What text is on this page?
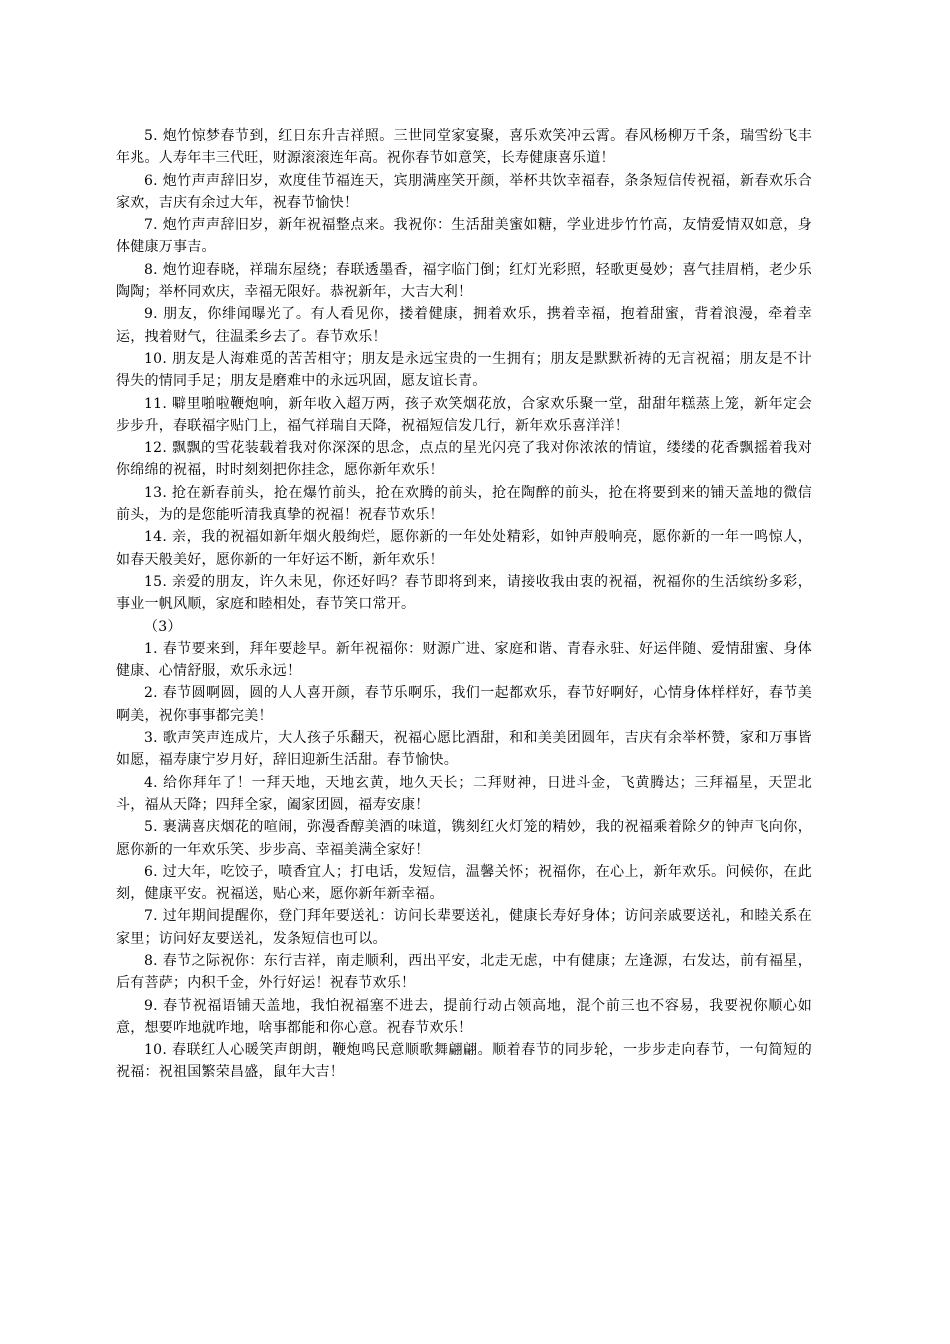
5. 炮竹惊梦春节到，红日东升吉祥照。三世同堂家宴聚，喜乐欢笑冲云霄。春风杨柳万千条，瑞雪纷飞丰年兆。人寿年丰三代旺，财源滚滚连年高。祝你春节如意笑，长寿健康喜乐道！

6. 炮竹声声辞旧岁，欢度佳节福连天，宾朋满座笑开颜，举杯共饮幸福春，条条短信传祝福，新春欢乐合家欢，吉庆有余过大年，祝春节愉快！

7. 炮竹声声辞旧岁，新年祝福整点来。我祝你：生活甜美蜜如糖，学业进步竹竹高，友情爱情双如意，身体健康万事吉。

8. 炮竹迎春晓，祥瑞东屋绕；春联透墨香，福字临门倒；红灯光彩照，轻歌更曼妙；喜气挂眉梢，老少乐陶陶；举杯同欢庆，幸福无限好。恭祝新年，大吉大利！

9. 朋友，你绯闻曝光了。有人看见你，搂着健康，拥着欢乐，携着幸福，抱着甜蜜，背着浪漫，牵着幸运，拽着财气，往温柔乡去了。春节欢乐！

10. 朋友是人海难觅的苦苦相守；朋友是永远宝贵的一生拥有；朋友是默默祈祷的无言祝福；朋友是不计得失的情同手足；朋友是磨难中的永远巩固，愿友谊长青。

11. 噼里啪啦鞭炮响，新年收入超万两，孩子欢笑烟花放，合家欢乐聚一堂，甜甜年糕蒸上笼，新年定会步步升，春联福字贴门上，福气祥瑞自天降，祝福短信发几行，新年欢乐喜洋洋！

12. 飘飘的雪花装载着我对你深深的思念，点点的星光闪亮了我对你浓浓的情谊，缕缕的花香飘摇着我对你绵绵的祝福，时时刻刻把你挂念，愿你新年欢乐！

13. 抢在新春前头，抢在爆竹前头，抢在欢腾的前头，抢在陶醉的前头，抢在将要到来的铺天盖地的微信前头，为的是您能听清我真挚的祝福！祝春节欢乐！

14. 亲，我的祝福如新年烟火般绚烂，愿你新的一年处处精彩，如钟声般响亮，愿你新的一年一鸣惊人，如春天般美好，愿你新的一年好运不断，新年欢乐！

15. 亲爱的朋友，许久未见，你还好吗？春节即将到来，请接收我由衷的祝福，祝福你的生活缤纷多彩，事业一帆风顺，家庭和睦相处，春节笑口常开。

（3）

1. 春节要来到，拜年要趁早。新年祝福你：财源广进、家庭和谐、青春永驻、好运伴随、爱情甜蜜、身体健康、心情舒服，欢乐永远！

2. 春节圆啊圆，圆的人人喜开颜，春节乐啊乐，我们一起都欢乐，春节好啊好，心情身体样样好，春节美啊美，祝你事事都完美！

3. 歌声笑声连成片，大人孩子乐翻天，祝福心愿比酒甜，和和美美团圆年，吉庆有余举杯赞，家和万事皆如愿，福寿康宁岁月好，辞旧迎新生活甜。春节愉快。

4. 给你拜年了！一拜天地，天地玄黄，地久天长；二拜财神，日进斗金，飞黄腾达；三拜福星，天罡北斗，福从天降；四拜全家，阖家团圆，福寿安康！

5. 裹满喜庆烟花的喧闹，弥漫香醇美酒的味道，镌刻红火灯笼的精妙，我的祝福乘着除夕的钟声飞向你，愿你新的一年欢乐笑、步步高、幸福美满全家好！

6. 过大年，吃饺子，喷香宜人；打电话，发短信，温馨关怀；祝福你，在心上，新年欢乐。问候你，在此刻，健康平安。祝福送，贴心来，愿你新年新幸福。

7. 过年期间提醒你，登门拜年要送礼：访问长辈要送礼，健康长寿好身体；访问亲戚要送礼，和睦关系在家里；访问好友要送礼，发条短信也可以。

8. 春节之际祝你：东行吉祥，南走顺利，西出平安，北走无虑，中有健康；左逢源，右发达，前有福星，后有菩萨；内积千金，外行好运！祝春节欢乐！

9. 春节祝福语铺天盖地，我怕祝福塞不进去，提前行动占领高地，混个前三也不容易，我要祝你顺心如意，想要咋地就咋地，啥事都能和你心意。祝春节欢乐！

10. 春联红人心暖笑声朗朗，鞭炮鸣民意顺歌舞翩翩。顺着春节的同步轮，一步步走向春节，一句简短的祝福：祝祖国繁荣昌盛，鼠年大吉！
